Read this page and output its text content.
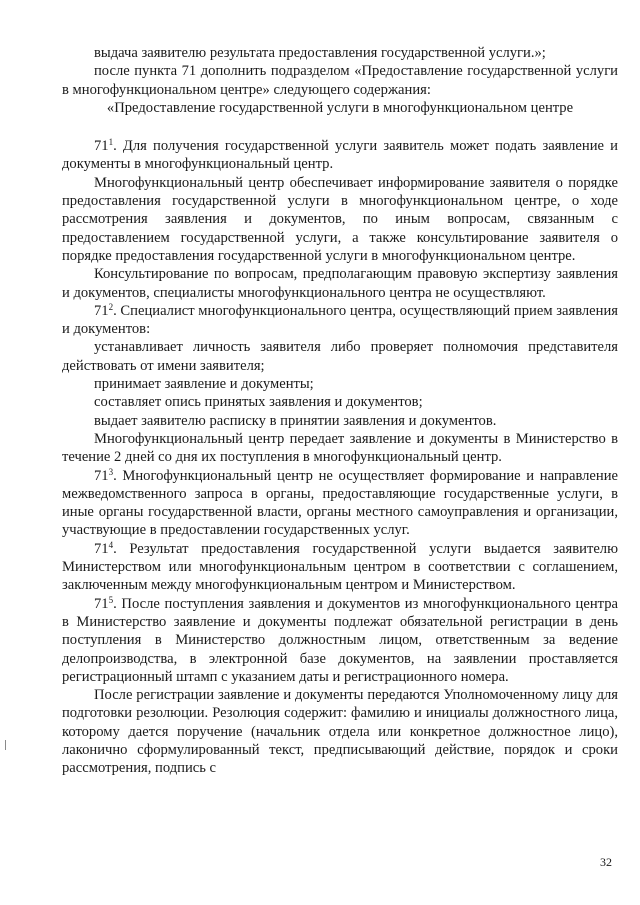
выдача заявителю результата предоставления государственной услуги.»;

после пункта 71 дополнить подразделом «Предоставление государственной услуги в многофункциональном центре» следующего содержания:

«Предоставление государственной услуги в многофункциональном центре

$71^1$. Для получения государственной услуги заявитель может подать заявление и документы в многофункциональный центр.

Многофункциональный центр обеспечивает информирование заявителя о порядке предоставления государственной услуги в многофункциональном центре, о ходе рассмотрения заявления и документов, по иным вопросам, связанным с предоставлением государственной услуги, а также консультирование заявителя о порядке предоставления государственной услуги в многофункциональном центре.

Консультирование по вопросам, предполагающим правовую экспертизу заявления и документов, специалисты многофункционального центра не осуществляют.

$71^2$. Специалист многофункционального центра, осуществляющий прием заявления и документов:

устанавливает личность заявителя либо проверяет полномочия представителя действовать от имени заявителя;

принимает заявление и документы;

составляет опись принятых заявления и документов;

выдает заявителю расписку в принятии заявления и документов.

Многофункциональный центр передает заявление и документы в Министерство в течение 2 дней со дня их поступления в многофункциональный центр.

$71^3$. Многофункциональный центр не осуществляет формирование и направление межведомственного запроса в органы, предоставляющие государственные услуги, в иные органы государственной власти, органы местного самоуправления и организации, участвующие в предоставлении государственных услуг.

$71^4$. Результат предоставления государственной услуги выдается заявителю Министерством или многофункциональным центром в соответствии с соглашением, заключенным между многофункциональным центром и Министерством.

$71^5$. После поступления заявления и документов из многофункционального центра в Министерство заявление и документы подлежат обязательной регистрации в день поступления в Министерство должностным лицом, ответственным за ведение делопроизводства, в электронной базе документов, на заявлении проставляется регистрационный штамп с указанием даты и регистрационного номера.

После регистрации заявление и документы передаются Уполномоченному лицу для подготовки резолюции. Резолюция содержит: фамилию и инициалы должностного лица, которому дается поручение (начальник отдела или конкретное должностное лицо), лаконично сформулированный текст, предписывающий действие, порядок и сроки рассмотрения, подпись с

32
